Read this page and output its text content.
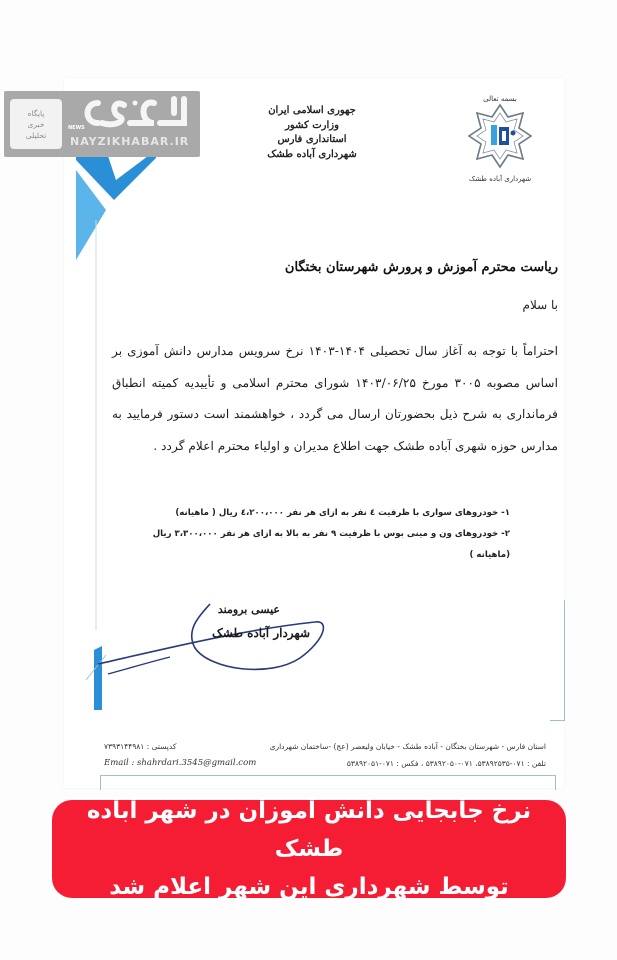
پایگاه
خبری
تحلیلی
NEWS
NAYZIKHABAR.IR
جهوری اسلامی ایران
وزارت کشور
استانداری فارس
شهرداری آباده طشک
بسمه تعالی
شهرداری آباده طشک
ریاست محترم آموزش و پرورش شهرستان بختگان
با سلام

احتراماً با توجه به آغاز سال تحصیلی ۱۴۰۴-۱۴۰۳ نرخ سرویس مدارس دانش آموزی بر اساس مصوبه ۳۰۰۵ مورخ ۱۴۰۳/۰۶/۲۵ شورای محترم اسلامی و تأییدیه کمیته انطباق فرمانداری به شرح ذیل بحضورتان ارسال می گردد ، خواهشمند است دستور فرمایید به مدارس حوزه شهری آباده طشک جهت اطلاع مدیران و اولیاء محترم اعلام گردد .

۱- خودروهای سواری با ظرفیت ٤ نفر به ازای هر نفر ٤،۲۰۰،۰۰۰ ریال ( ماهیانه)
۲- خودروهای ون و مینی بوس با ظرفیت ۹ نفر به بالا به ازای هر نفر ۳،۳۰۰،۰۰۰ ریال (ماهیانه )
عیسی برومند
شهردار آباده طشک
استان فارس - شهرستان بختگان - آباده طشک - خیابان ولیعصر (عج) -ساختمان شهرداری
تلفن : ۰۷۱-۵۳۸۹۲۵۳۵، ۰۷۱-۵۳۸۹۲۰۵۰ ، فکس : ۰۷۱-۵۳۸۹۲۰۵۱
کدپستی : ۷۳۹۳۱۴۴۹۸۱
Email : shahrdari.3545@gmail.com
نرخ جابجایی دانش آموزان در شهر آباده طشک
توسط شهرداری این شهر اعلام شد
